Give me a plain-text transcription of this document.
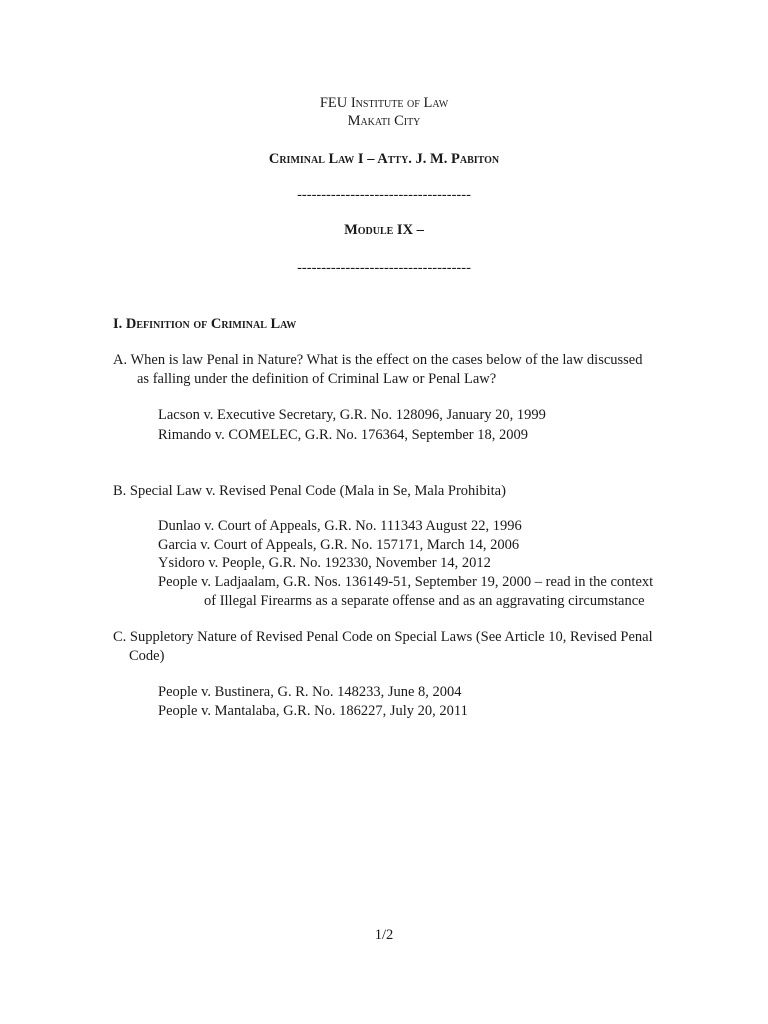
FEU Institute of Law
Makati City
Criminal Law I – Atty. J. M. Pabiton
------------------------------------
Module IX –
------------------------------------
I. Definition of Criminal Law
A. When is law Penal in Nature? What is the effect on the cases below of the law discussed
as falling under the definition of Criminal Law or Penal Law?
Lacson v. Executive Secretary, G.R. No. 128096, January 20, 1999
Rimando v. COMELEC, G.R. No. 176364, September 18, 2009
B. Special Law v. Revised Penal Code (Mala in Se, Mala Prohibita)
Dunlao v. Court of Appeals, G.R. No. 111343 August 22, 1996
Garcia v. Court of Appeals, G.R. No. 157171, March 14, 2006
Ysidoro v. People, G.R. No. 192330, November 14, 2012
People v. Ladjaalam, G.R. Nos. 136149-51, September 19, 2000 – read in the context
of Illegal Firearms as a separate offense and as an aggravating circumstance
C. Suppletory Nature of Revised Penal Code on Special Laws (See Article 10, Revised Penal
Code)
People v. Bustinera, G. R. No. 148233, June 8, 2004
People v. Mantalaba, G.R. No. 186227, July 20, 2011
1/2
